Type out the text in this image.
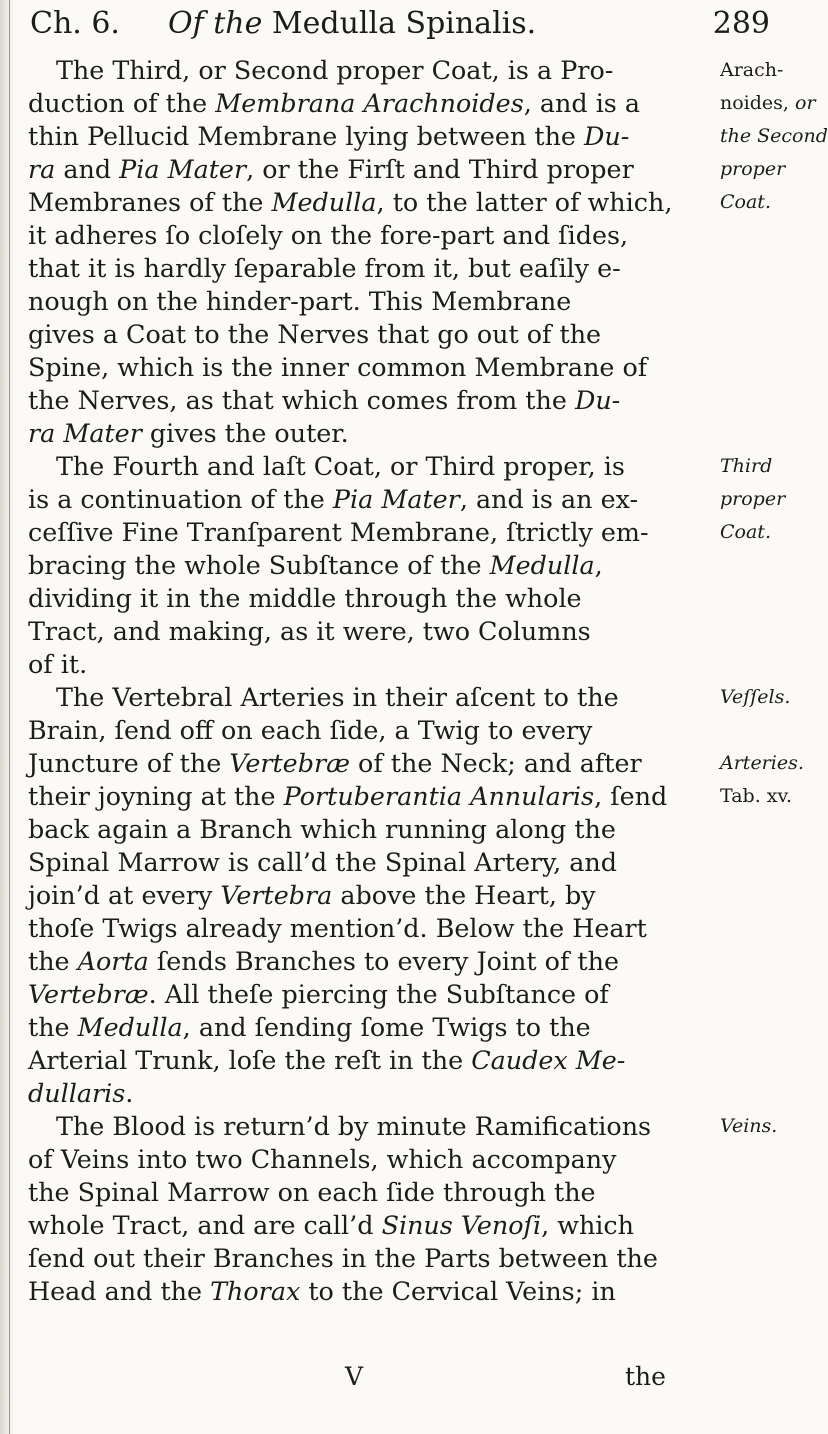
Ch. 6. Of the Medulla Spinalis.	289
The Third, or Second proper Coat, is a Pro-
duction of the Membrana Arachnoides, and is a
thin Pellucid Membrane lying between the Du-
ra and Pia Mater, or the Firſt and Third proper
Membranes of the Medulla, to the latter of which,
it adheres ſo cloſely on the fore-part and ſides,
that it is hardly ſeparable from it, but eaſily e-
nough on the hinder-part. This Membrane
gives a Coat to the Nerves that go out of the
Spine, which is the inner common Membrane of
the Nerves, as that which comes from the Du-
ra Mater gives the outer.
The Fourth and laſt Coat, or Third proper, is
is a continuation of the Pia Mater, and is an ex-
ceſſive Fine Tranſparent Membrane, ſtrictly em-
bracing the whole Subſtance of the Medulla,
dividing it in the middle through the whole
Tract, and making, as it were, two Columns
of it.
The Vertebral Arteries in their aſcent to the
Brain, ſend off on each ſide, a Twig to every
Juncture of the Vertebræ of the Neck; and after
their joyning at the Portuberantia Annularis, ſend
back again a Branch which running along the
Spinal Marrow is call’d the Spinal Artery, and
join’d at every Vertebra above the Heart, by
thoſe Twigs already mention’d. Below the Heart
the Aorta ſends Branches to every Joint of the
Vertebræ. All theſe piercing the Subſtance of
the Medulla, and ſending ſome Twigs to the
Arterial Trunk, loſe the reſt in the Caudex Me-
dullaris.
The Blood is return’d by minute Ramifications
of Veins into two Channels, which accompany
the Spinal Marrow on each ſide through the
whole Tract, and are call’d Sinus Venoſi, which
ſend out their Branches in the Parts between the
Head and the Thorax to the Cervical Veins; in
Arach-
noides, or
the Second
proper
Coat.
Third
proper
Coat.
Veſſels.
Arteries.
Tab. xv.
Veins.
V	the
